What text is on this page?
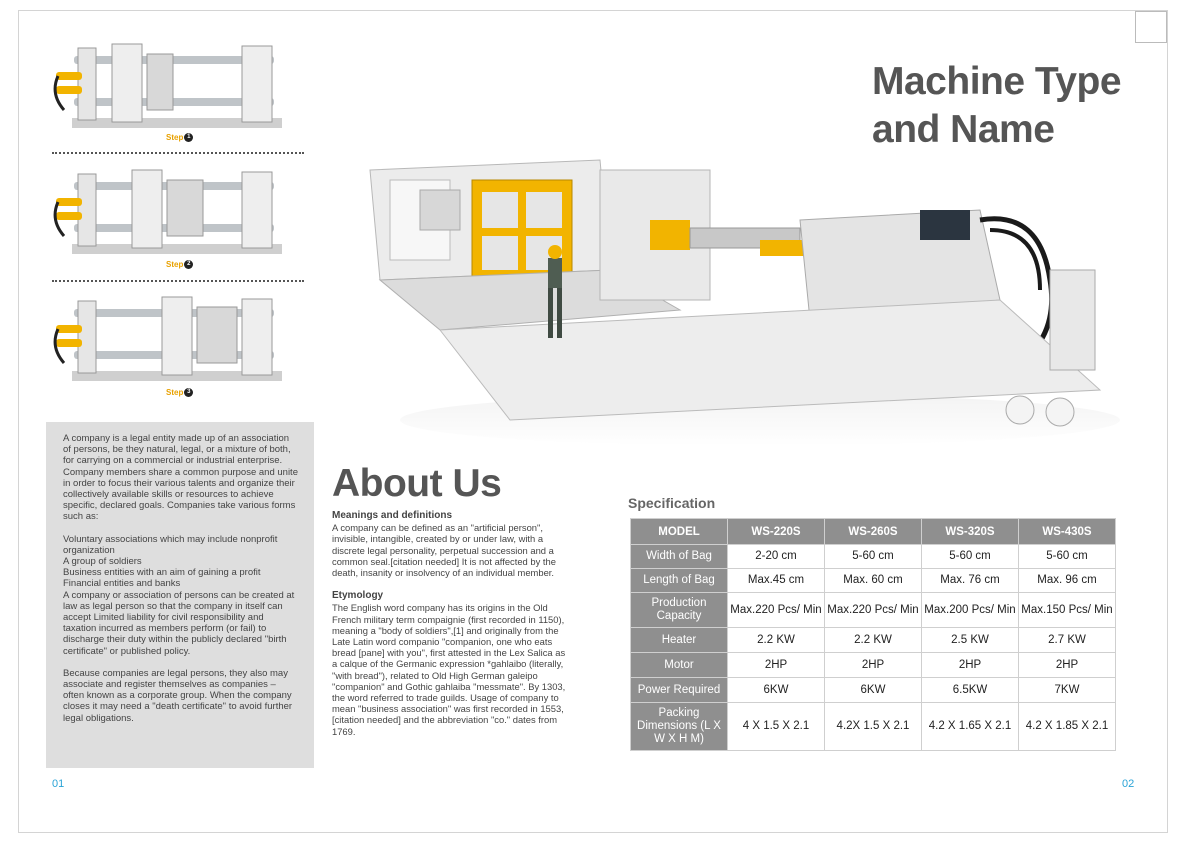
Step 1
Step 2
Step 3

A company is a legal entity made up of an association of persons, be they natural, legal, or a mixture of both, for carrying on a commercial or industrial enterprise. Company members share a common purpose and unite in order to focus their various talents and organize their collectively available skills or resources to achieve specific, declared goals. Companies take various forms such as:

Voluntary associations which may include nonprofit organization

A group of soldiers

Business entities with an aim of gaining a profit

Financial entities and banks

A company or association of persons can be created at law as legal person so that the company in itself can accept Limited liability for civil responsibility and taxation incurred as members perform (or fail) to discharge their duty within the publicly declared "birth certificate" or published policy.

Because companies are legal persons, they also may associate and register themselves as companies – often known as a corporate group. When the company closes it may need a "death certificate" to avoid further legal obligations.

Machine Type
and Name
About Us
Meanings and definitions

A company can be defined as an "artificial person", invisible, intangible, created by or under law, with a discrete legal personality, perpetual succession and a common seal.[citation needed] It is not affected by the death, insanity or insolvency of an individual member.

Etymology

The English word company has its origins in the Old French military term compaignie (first recorded in 1150), meaning a "body of soldiers",[1] and originally from the Late Latin word companio "companion, one who eats bread [pane] with you", first attested in the Lex Salica as a calque of the Germanic expression *gahlaibo (literally, "with bread"), related to Old High German galeipo "companion" and Gothic gahlaiba "messmate". By 1303, the word referred to trade guilds. Usage of company to mean "business association" was first recorded in 1553,[citation needed] and the abbreviation "co." dates from 1769.

Specification
MODEL	WS-220S	WS-260S	WS-320S	WS-430S
Width of Bag	2-20 cm	5-60 cm	5-60 cm	5-60 cm
Length of Bag	Max.45 cm	Max. 60 cm	Max. 76 cm	Max. 96 cm
Production Capacity	Max.220 Pcs/ Min	Max.220 Pcs/ Min	Max.200 Pcs/ Min	Max.150 Pcs/ Min
Heater	2.2 KW	2.2 KW	2.5 KW	2.7 KW
Motor	2HP	2HP	2HP	2HP
Power Required	6KW	6KW	6.5KW	7KW
Packing Dimensions (L X W X H M)	4 X 1.5 X 2.1	4.2X 1.5 X 2.1	4.2 X 1.65 X 2.1	4.2 X 1.85 X 2.1
01	02
